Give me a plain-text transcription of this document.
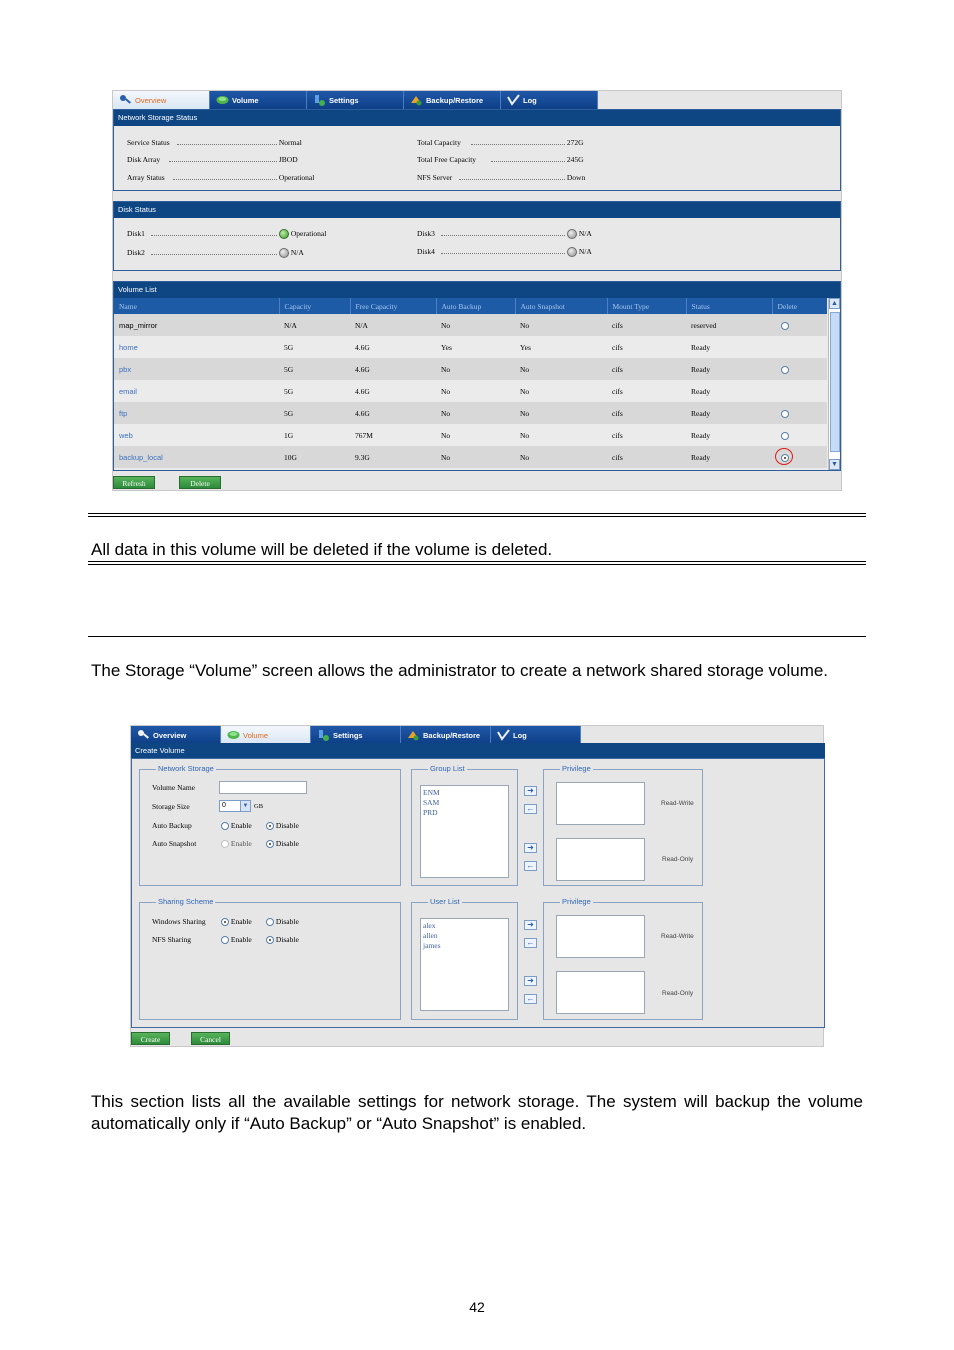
Overview	Volume	Settings	Backup/Restore	Log
Network Storage Status
Service Status	Normal
Disk Array	JBOD
Array Status	Operational
Total Capacity	272G
Total Free Capacity	245G
NFS Server	Down
Disk Status
Disk1	Operational
Disk2	N/A
Disk3	N/A
Disk4	N/A
Volume List
Name	Capacity	Free Capacity	Auto Backup	Auto Snapshot	Mount Type	Status	Delete
map_mirror	N/A	N/A	No	No	cifs	reserved	
home	5G	4.6G	Yes	Yes	cifs	Ready	
pbx	5G	4.6G	No	No	cifs	Ready	
email	5G	4.6G	No	No	cifs	Ready	
ftp	5G	4.6G	No	No	cifs	Ready	
web	1G	767M	No	No	cifs	Ready	
backup_local	10G	9.3G	No	No	cifs	Ready	
▲
▼
Refresh	Delete
All data in this volume will be deleted if the volume is deleted.
The Storage “Volume” screen allows the administrator to create a network shared storage volume.
Overview	Volume	Settings	Backup/Restore	Log
Create Volume
Network Storage
Volume Name
Storage Size	0	▼ GB
Auto Backup	Enable	Disable
Auto Snapshot	Enable	Disable
Group List
ENM
SAM
PRD
➜
←
➜
←
Privilege
Read-Write
Read-Only
Sharing Scheme
Windows Sharing	Enable	Disable
NFS Sharing	Enable	Disable
User List
alex
allen
james
➜
←
➜
←
Privilege
Read-Write
Read-Only
Create	Cancel
This section lists all the available settings for network storage. The system will backup the volume automatically only if “Auto Backup” or “Auto Snapshot” is enabled.
42
